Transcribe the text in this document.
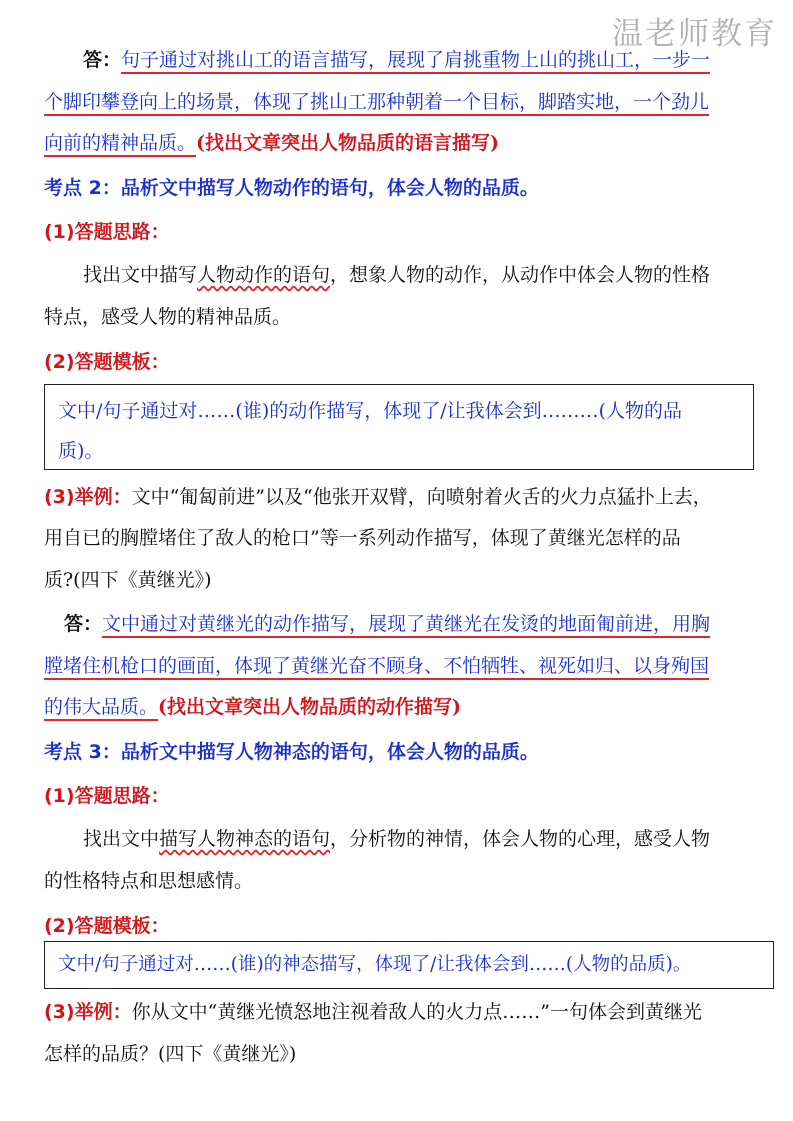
温老师教育
答：句子通过对挑山工的语言描写，展现了肩挑重物上山的挑山工，一步一
个脚印攀登向上的场景，体现了挑山工那种朝着一个目标，脚踏实地，一个劲儿
向前的精神品质。(找出文章突出人物品质的语言描写)
考点 2：品析文中描写人物动作的语句，体会人物的品质。
(1)答题思路：
找出文中描写人物动作的语句，想象人物的动作，从动作中体会人物的性格
特点，感受人物的精神品质。
(2)答题模板：
文中/句子通过对……(谁)的动作描写，体现了/让我体会到………(人物的品
质)。
(3)举例：文中“匍匐前进”以及“他张开双臂，向喷射着火舌的火力点猛扑上去，
用自已的胸膛堵住了敌人的枪口”等一系列动作描写，体现了黄继光怎样的品
质?(四下《黄继光》)
答：文中通过对黄继光的动作描写，展现了黄继光在发烫的地面匍前进，用胸
膛堵住机枪口的画面，体现了黄继光奋不顾身、不怕牺牲、视死如归、以身殉国
的伟大品质。(找出文章突出人物品质的动作描写)
考点 3：品析文中描写人物神态的语句，体会人物的品质。
(1)答题思路：
找出文中描写人物神态的语句，分析物的神情，体会人物的心理，感受人物
的性格特点和思想感情。
(2)答题模板：
文中/句子通过对……(谁)的神态描写，体现了/让我体会到……(人物的品质)。
(3)举例：你从文中“黄继光愤怒地注视着敌人的火力点……”一句体会到黄继光
怎样的品质？(四下《黄继光》)
